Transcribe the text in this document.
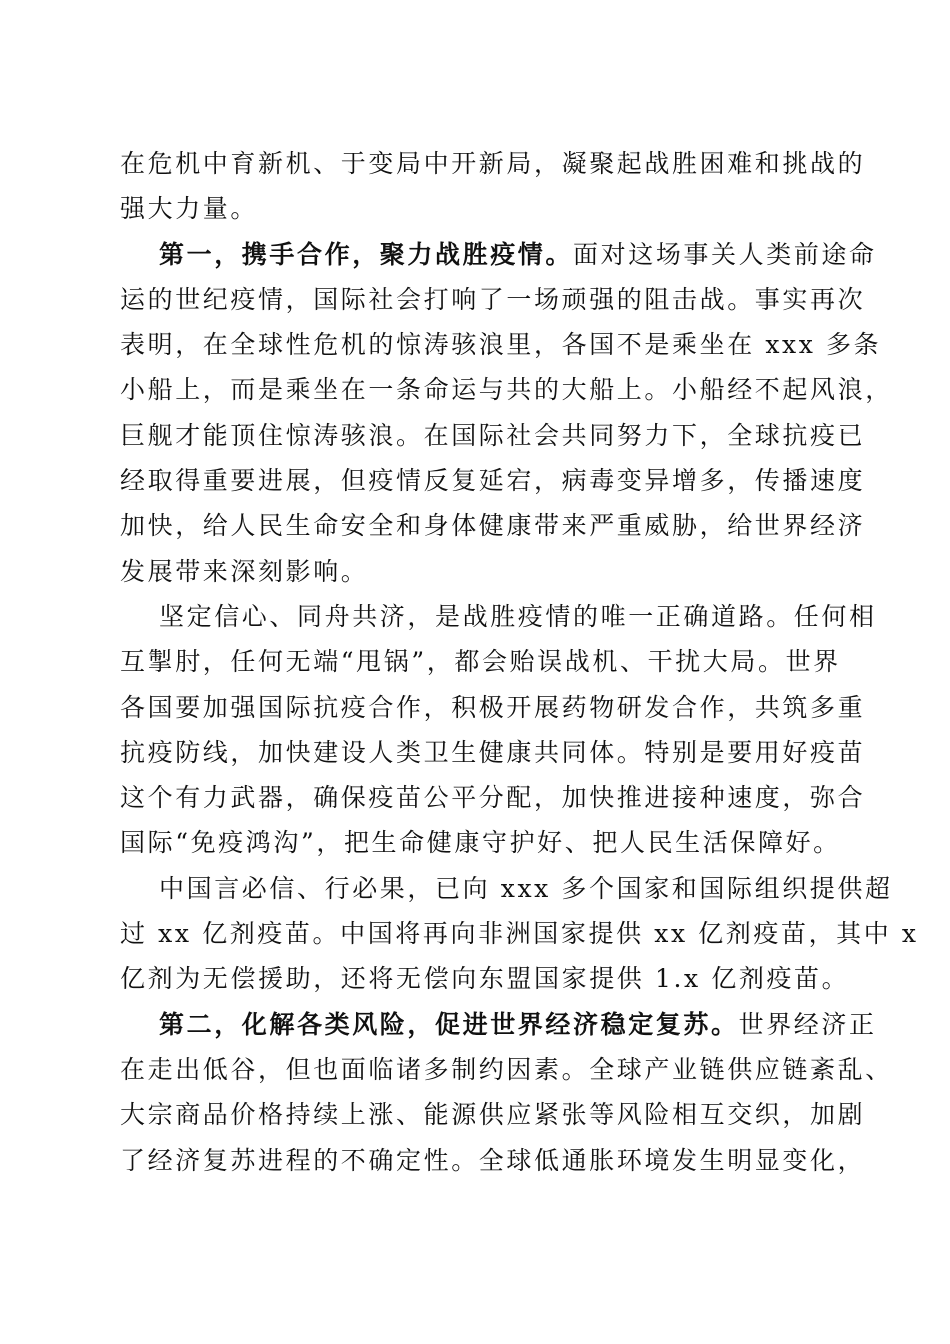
在危机中育新机、于变局中开新局，凝聚起战胜困难和挑战的
强大力量。
第一，携手合作，聚力战胜疫情。面对这场事关人类前途命
运的世纪疫情，国际社会打响了一场顽强的阻击战。事实再次
表明，在全球性危机的惊涛骇浪里，各国不是乘坐在 xxx 多条
小船上，而是乘坐在一条命运与共的大船上。小船经不起风浪，
巨舰才能顶住惊涛骇浪。在国际社会共同努力下，全球抗疫已
经取得重要进展，但疫情反复延宕，病毒变异增多，传播速度
加快，给人民生命安全和身体健康带来严重威胁，给世界经济
发展带来深刻影响。
坚定信心、同舟共济，是战胜疫情的唯一正确道路。任何相
互掣肘，任何无端“甩锅”，都会贻误战机、干扰大局。世界
各国要加强国际抗疫合作，积极开展药物研发合作，共筑多重
抗疫防线，加快建设人类卫生健康共同体。特别是要用好疫苗
这个有力武器，确保疫苗公平分配，加快推进接种速度，弥合
国际“免疫鸿沟”，把生命健康守护好、把人民生活保障好。
中国言必信、行必果，已向 xxx 多个国家和国际组织提供超
过 xx 亿剂疫苗。中国将再向非洲国家提供 xx 亿剂疫苗，其中 x
亿剂为无偿援助，还将无偿向东盟国家提供 1.x 亿剂疫苗。
第二，化解各类风险，促进世界经济稳定复苏。世界经济正
在走出低谷，但也面临诸多制约因素。全球产业链供应链紊乱、
大宗商品价格持续上涨、能源供应紧张等风险相互交织，加剧
了经济复苏进程的不确定性。全球低通胀环境发生明显变化，
